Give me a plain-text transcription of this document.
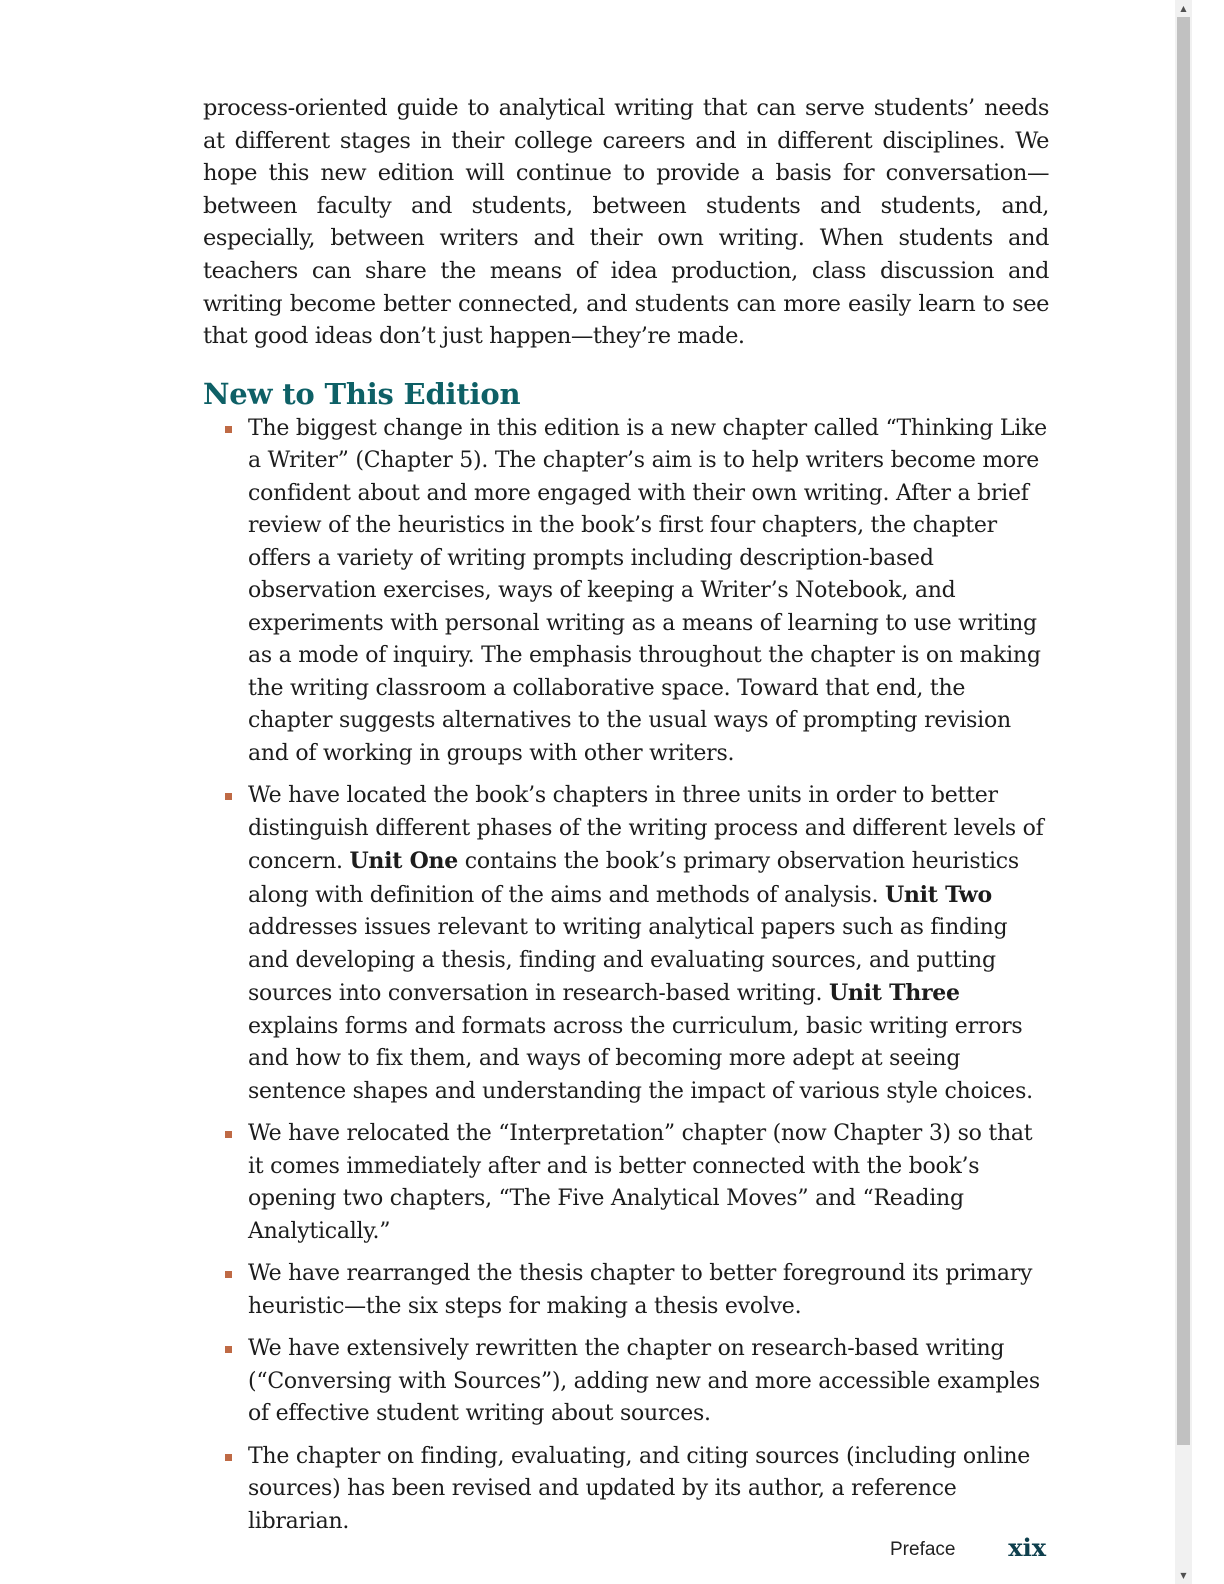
process-oriented guide to analytical writing that can serve students’ needs at different stages in their college careers and in different disciplines. We hope this new edition will continue to provide a basis for conversation—between faculty and students, between students and students, and, especially, between writers and their own writing. When students and teachers can share the means of idea production, class discussion and writing become better connected, and students can more easily learn to see that good ideas don’t just happen—they’re made.

New to This Edition
The biggest change in this edition is a new chapter called “Thinking Like a Writer” (Chapter 5). The chapter’s aim is to help writers become more confident about and more engaged with their own writing. After a brief review of the heuristics in the book’s first four chapters, the chapter offers a variety of writing prompts including description-based observation exercises, ways of keeping a Writer’s Notebook, and experiments with personal writing as a means of learning to use writing as a mode of inquiry. The emphasis throughout the chapter is on making the writing classroom a collaborative space. Toward that end, the chapter suggests alternatives to the usual ways of prompting revision and of working in groups with other writers.
We have located the book’s chapters in three units in order to better distinguish different phases of the writing process and different levels of concern. Unit One contains the book’s primary observation heuristics along with definition of the aims and methods of analysis. Unit Two addresses issues relevant to writing analytical papers such as finding and developing a thesis, finding and evaluating sources, and putting sources into conversation in research-based writing. Unit Three explains forms and formats across the curriculum, basic writing errors and how to fix them, and ways of becoming more adept at seeing sentence shapes and understanding the impact of various style choices.
We have relocated the “Interpretation” chapter (now Chapter 3) so that it comes immediately after and is better connected with the book’s opening two chapters, “The Five Analytical Moves” and “Reading Analytically.”
We have rearranged the thesis chapter to better foreground its primary heuristic—the six steps for making a thesis evolve.
We have extensively rewritten the chapter on research-based writing (“Conversing with Sources”), adding new and more accessible examples of effective student writing about sources.
The chapter on finding, evaluating, and citing sources (including online sources) has been revised and updated by its author, a reference librarian.
Preface xix
▲
▼
